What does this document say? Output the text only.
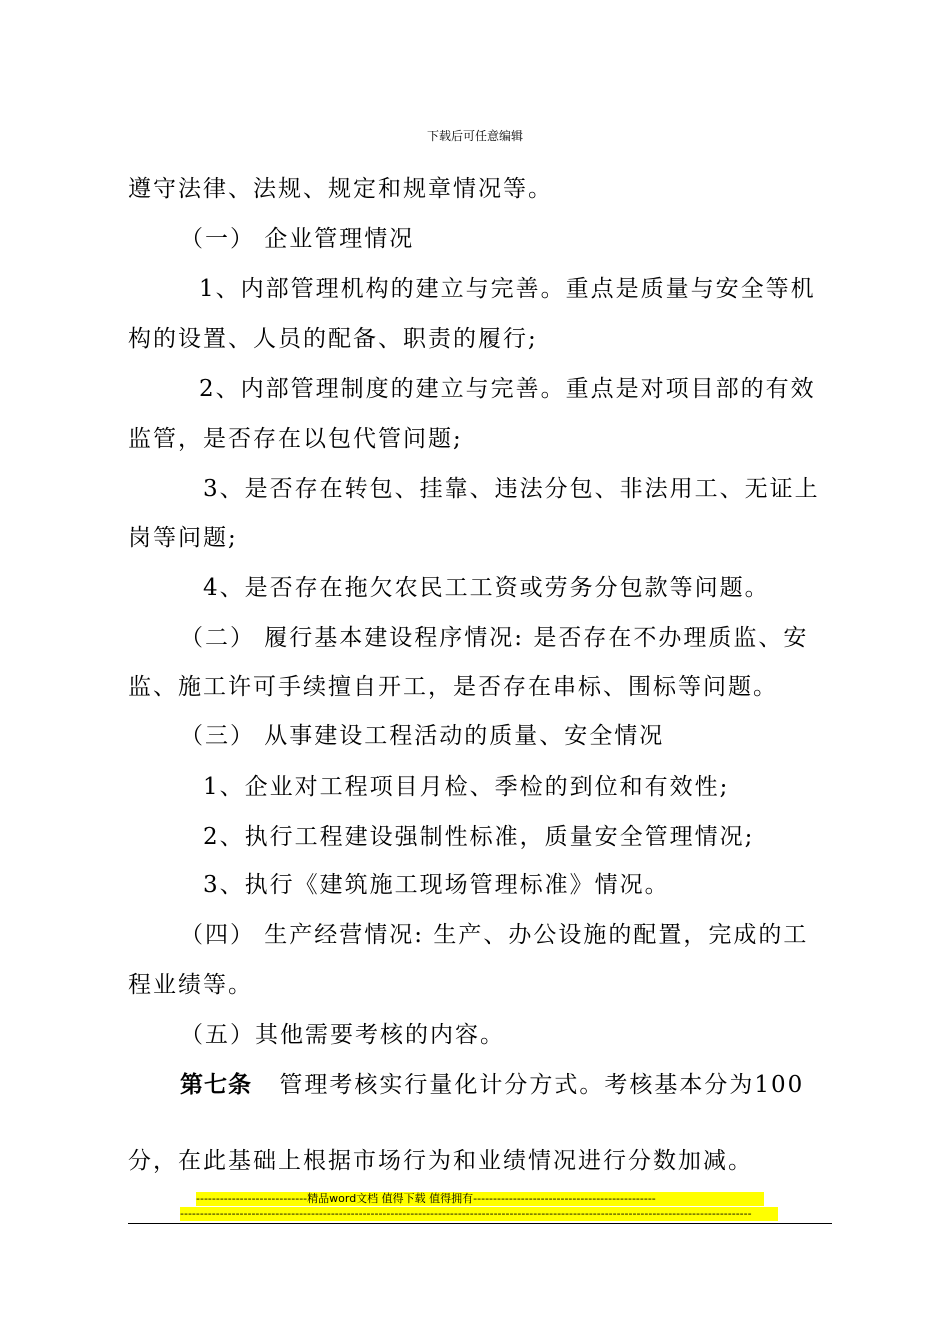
下载后可任意编辑
遵守法律、法规、规定和规章情况等。
（一） 企业管理情况
1、内部管理机构的建立与完善。重点是质量与安全等机
构的设置、人员的配备、职责的履行;
2、内部管理制度的建立与完善。重点是对项目部的有效
监管，是否存在以包代管问题;
3、是否存在转包、挂靠、违法分包、非法用工、无证上
岗等问题;
4、是否存在拖欠农民工工资或劳务分包款等问题。
（二） 履行基本建设程序情况: 是否存在不办理质监、安
监、施工许可手续擅自开工，是否存在串标、围标等问题。
（三） 从事建设工程活动的质量、安全情况
1、企业对工程项目月检、季检的到位和有效性;
2、执行工程建设强制性标准，质量安全管理情况;
3、执行《建筑施工现场管理标准》情况。
（四） 生产经营情况: 生产、办公设施的配置，完成的工
程业绩等。
（五）其他需要考核的内容。
第七条 管理考核实行量化计分方式。考核基本分为100
分，在此基础上根据市场行为和业绩情况进行分数加减。
----------------------------精品word文档 值得下载 值得拥有----------------------------------------------
------------------------------------------------------------------------------------------------------------------------------------------------
